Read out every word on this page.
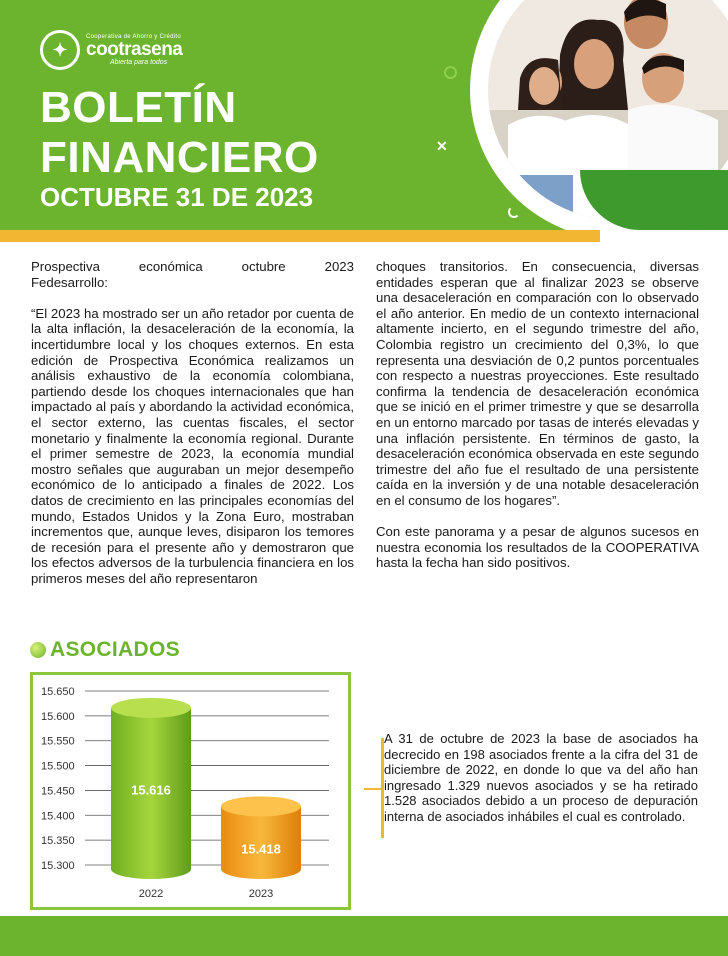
✦
Cooperativa de Ahorro y Crédito
cootrasena
Abierta para todos
BOLETÍN
FINANCIERO
OCTUBRE 31 DE 2023
✕
Prospectiva	económica	octubre	2023

Fedesarrollo:

“El 2023 ha mostrado ser un año retador por cuenta de la alta inflación, la desaceleración de la economía, la incertidumbre local y los choques externos. En esta edición de Prospectiva Económica realizamos un análisis exhaustivo de la economía colombiana, partiendo desde los choques internacionales que han impactado al país y abordando la actividad económica, el sector externo, las cuentas fiscales, el sector monetario y finalmente la economía regional. Durante el primer semestre de 2023, la economía mundial mostro señales que auguraban un mejor desempeño económico de lo anticipado a finales de 2022. Los datos de crecimiento en las principales economías del mundo, Estados Unidos y la Zona Euro, mostraban incrementos que, aunque leves, disiparon los temores de recesión para el presente año y demostraron que los efectos adversos de la turbulencia financiera en los primeros meses del año representaron

choques transitorios. En consecuencia, diversas entidades esperan que al finalizar 2023 se observe una desaceleración en comparación con lo observado el año anterior. En medio de un contexto internacional altamente incierto, en el segundo trimestre del año, Colombia registro un crecimiento del 0,3%, lo que representa una desviación de 0,2 puntos porcentuales con respecto a nuestras proyecciones. Este resultado confirma la tendencia de desaceleración económica que se inició en el primer trimestre y que se desarrolla en un entorno marcado por tasas de interés elevadas y una inflación persistente. En términos de gasto, la desaceleración económica observada en este segundo trimestre del año fue el resultado de una persistente caída en la inversión y de una notable desaceleración en el consumo de los hogares”.

Con este panorama y a pesar de algunos sucesos en nuestra economia los resultados de la COOPERATIVA hasta la fecha han sido positivos.

ASOCIADOS
15.650
15.600
15.550
15.500
15.450
15.400
15.350
15.300
15.616
2022
15.418
2023
A 31 de octubre de 2023 la base de asociados ha decrecido en 198 asociados frente a la cifra del 31 de diciembre de 2022, en donde lo que va del año han ingresado 1.329 nuevos asociados y se ha retirado 1.528 asociados debido a un proceso de depuración interna de asociados inhábiles el cual es controlado.
